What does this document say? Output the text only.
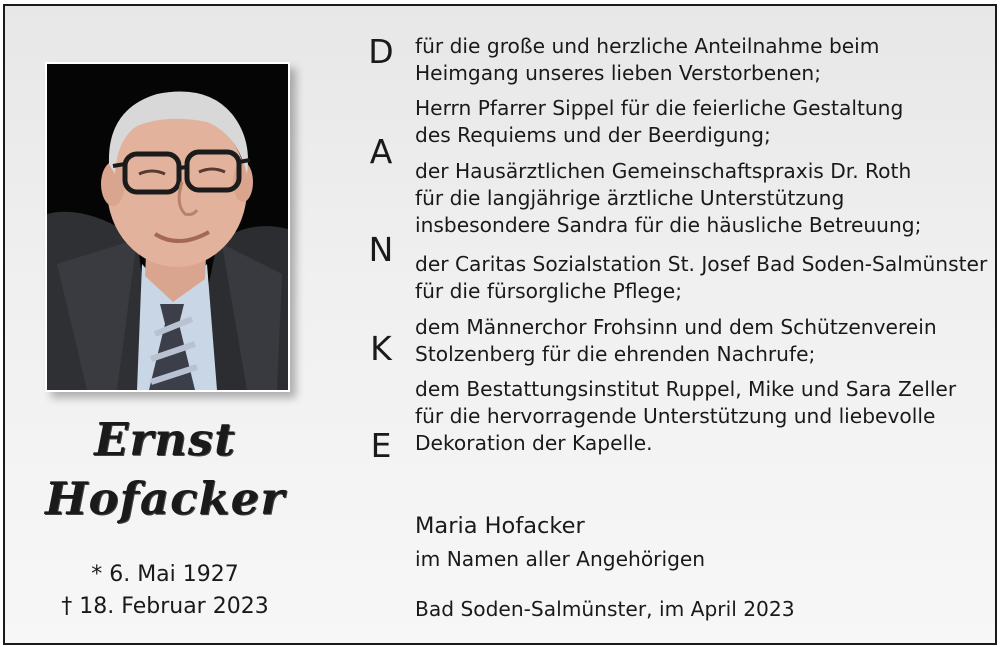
Ernst
Hofacker
* 6. Mai 1927
† 18. Februar 2023
D
A
N
K
E
für die große und herzliche Anteilnahme beim
Heimgang unseres lieben Verstorbenen;
Herrn Pfarrer Sippel für die feierliche Gestaltung
des Requiems und der Beerdigung;
der Hausärztlichen Gemeinschaftspraxis Dr. Roth
für die langjährige ärztliche Unterstützung
insbesondere Sandra für die häusliche Betreuung;
der Caritas Sozialstation St. Josef Bad Soden-Salmünster
für die fürsorgliche Pflege;
dem Männerchor Frohsinn und dem Schützenverein
Stolzenberg für die ehrenden Nachrufe;
dem Bestattungsinstitut Ruppel, Mike und Sara Zeller
für die hervorragende Unterstützung und liebevolle
Dekoration der Kapelle.
Maria Hofacker
im Namen aller Angehörigen
Bad Soden-Salmünster, im April 2023
